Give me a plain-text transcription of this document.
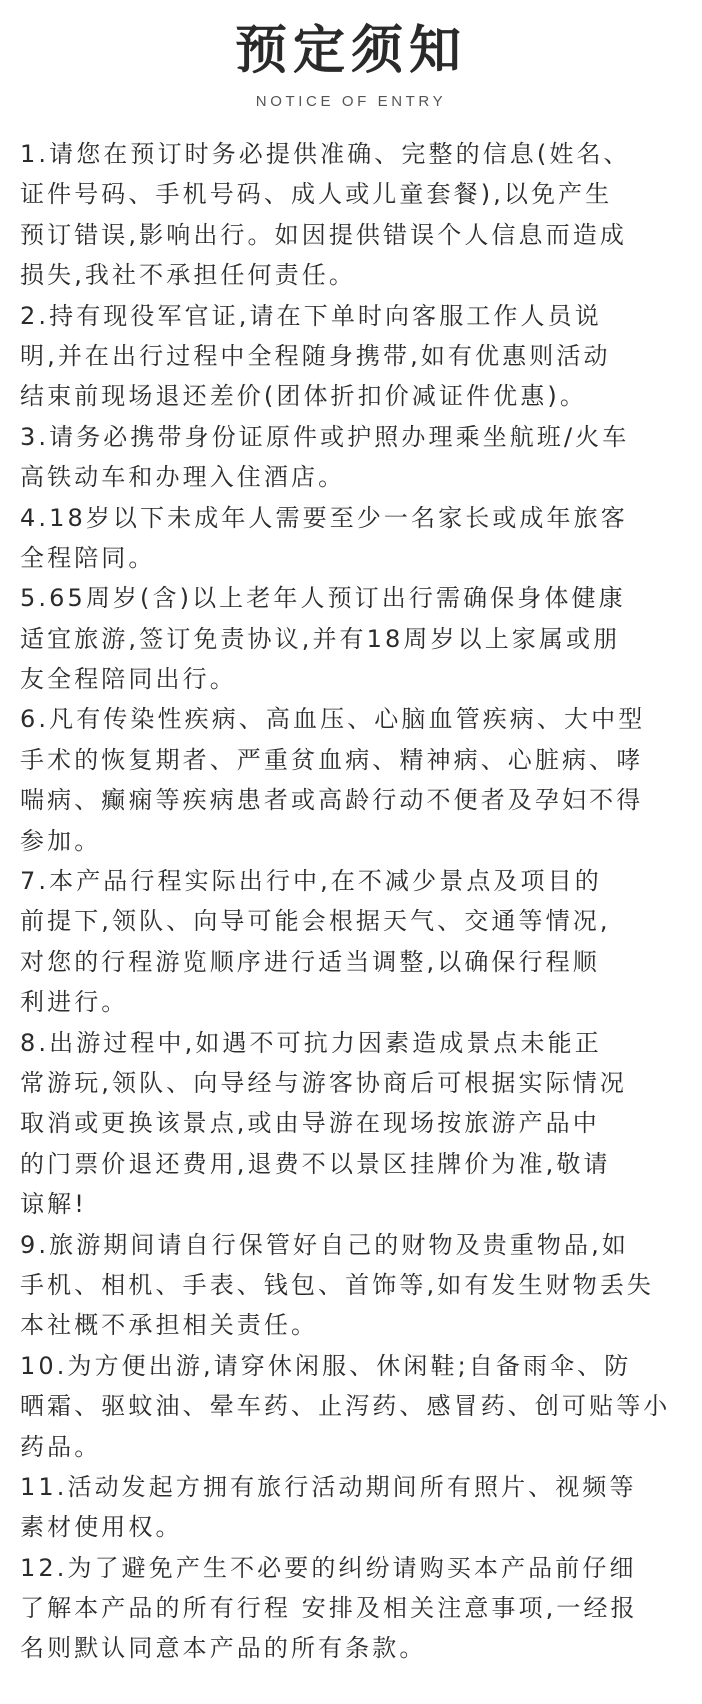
预定须知
NOTICE OF ENTRY
1.请您在预订时务必提供准确、完整的信息(姓名、
证件号码、手机号码、成人或儿童套餐),以免产生
预订错误,影响出行。如因提供错误个人信息而造成
损失,我社不承担任何责任。
2.持有现役军官证,请在下单时向客服工作人员说
明,并在出行过程中全程随身携带,如有优惠则活动
结束前现场退还差价(团体折扣价减证件优惠)。
3.请务必携带身份证原件或护照办理乘坐航班/火车
高铁动车和办理入住酒店。
4.18岁以下未成年人需要至少一名家长或成年旅客
全程陪同。
5.65周岁(含)以上老年人预订出行需确保身体健康
适宜旅游,签订免责协议,并有18周岁以上家属或朋
友全程陪同出行。
6.凡有传染性疾病、高血压、心脑血管疾病、大中型
手术的恢复期者、严重贫血病、精神病、心脏病、哮
喘病、癫痫等疾病患者或高龄行动不便者及孕妇不得
参加。
7.本产品行程实际出行中,在不减少景点及项目的
前提下,领队、向导可能会根据天气、交通等情况,
对您的行程游览顺序进行适当调整,以确保行程顺
利进行。
8.出游过程中,如遇不可抗力因素造成景点未能正
常游玩,领队、向导经与游客协商后可根据实际情况
取消或更换该景点,或由导游在现场按旅游产品中
的门票价退还费用,退费不以景区挂牌价为准,敬请
谅解!
9.旅游期间请自行保管好自己的财物及贵重物品,如
手机、相机、手表、钱包、首饰等,如有发生财物丢失
本社概不承担相关责任。
10.为方便出游,请穿休闲服、休闲鞋;自备雨伞、防
晒霜、驱蚊油、晕车药、止泻药、感冒药、创可贴等小
药品。
11.活动发起方拥有旅行活动期间所有照片、视频等
素材使用权。
12.为了避免产生不必要的纠纷请购买本产品前仔细
了解本产品的所有行程 安排及相关注意事项,一经报
名则默认同意本产品的所有条款。
